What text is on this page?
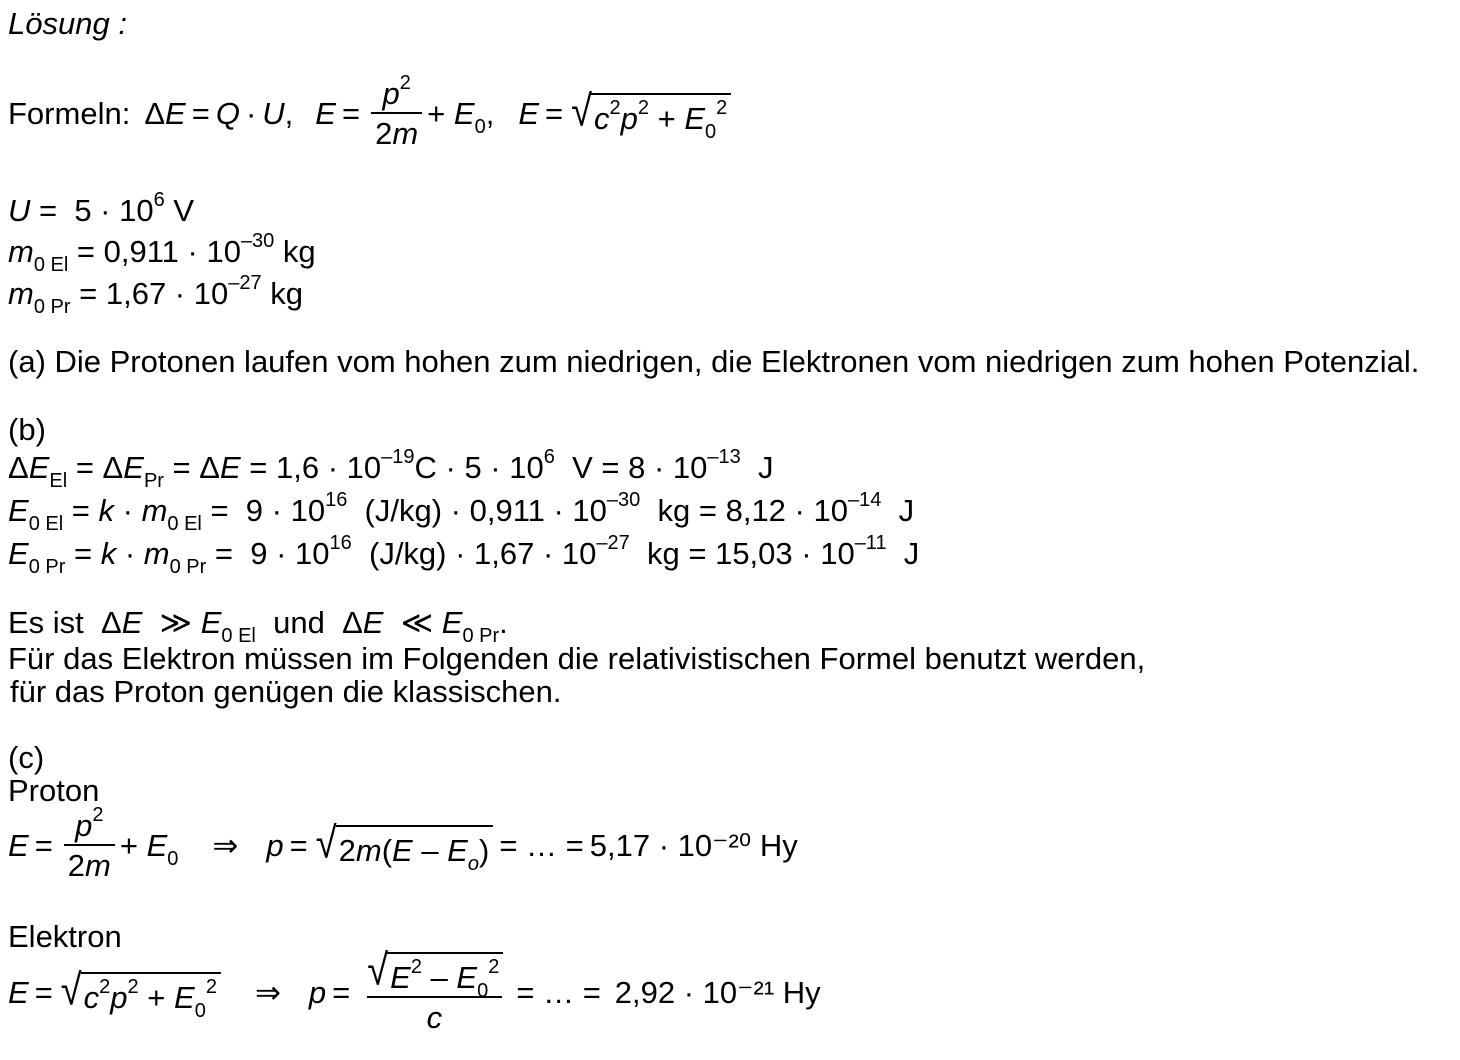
Lösung :
Formeln: ΔE = Q · U, $E = \frac{p^2}{2m} + E_0$, E = √ $c^2p^2 + E_0^2$
$U = 5 \cdot 10^6$ V
$m_{0 El} = 0,911 \cdot 10^{-30}$ kg
$m_{0 Pr} = 1,67 \cdot 10^{-27}$ kg
(a) Die Protonen laufen vom hohen zum niedrigen, die Elektronen vom niedrigen zum hohen Potenzial.
(b)
$\Delta E_{El} = \Delta E_{Pr} = \Delta E = 1,6 \cdot 10^{-19}C \cdot 5 \cdot 10^6$  $V = 8 \cdot 10^{-13}$  J
$E_{0 El} = k \cdot m_{0 El} = 9 \cdot 10^{16}$  $(J/kg) \cdot 0,911 \cdot 10^{-30}$  kg = $8,12 \cdot 10^{-14}$  J
$E_{0 Pr} = k \cdot m_{0 Pr} = 9 \cdot 10^{16}$  $(J/kg) \cdot 1,67 \cdot 10^{-27}$  kg = $15,03 \cdot 10^{-11}$  J
Es ist  ΔE  ≫ $E_{0 El}$ und  ΔE  ≪ $E_{0 Pr}$.
Für das Elektron müssen im Folgenden die relativistischen Formel benutzt werden,
für das Proton genügen die klassischen.
(c)
Proton
$E = \frac{p^2}{2m} + E_0$ ⇒ p = √ $2m(E - E_o)$ = … = 5,17 · 10⁻²⁰ Hy
Elektron
E = √ $c^2p^2 + E_0^2$ ⇒ $p = \frac{√ E^2 - E_0^2}{c}$ = … = 2,92 · 10⁻²¹ Hy
